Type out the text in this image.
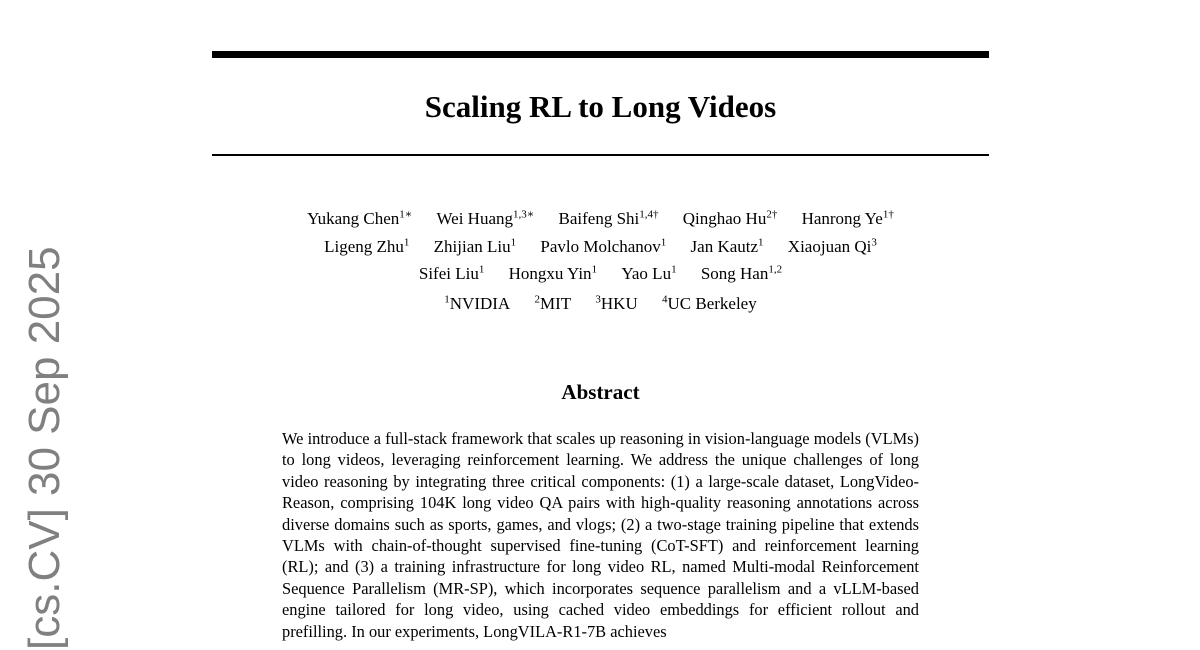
Scaling RL to Long Videos
Yukang Chen$^{1∗}$ Wei Huang$^{1,3∗}$ Baifeng Shi$^{1,4\dagger}$ Qinghao $Hu^{2\dagger}$ Hanrong $Ye^{1\dagger}$
Ligeng Zhu$^1$ Zhijian Liu$^1$ Pavlo Molchanov$^1$ Jan Kautz$^1$ Xiaojuan Qi$^3$
Sifei Liu$^1$ Hongxu Yin$^1$ Yao Lu$^1$ Song Han$^{1,2}$
$^1$NVIDIA $^2$MIT $^3$HKU $^4$UC Berkeley
Abstract

We introduce a full-stack framework that scales up reasoning in vision-language models (VLMs) to long videos, leveraging reinforcement learning. We address the unique challenges of long video reasoning by integrating three critical components: (1) a large-scale dataset, LongVideo-Reason, comprising 104K long video QA pairs with high-quality reasoning annotations across diverse domains such as sports, games, and vlogs; (2) a two-stage training pipeline that extends VLMs with chain-of-thought supervised fine-tuning (CoT-SFT) and reinforcement learning (RL); and (3) a training infrastructure for long video RL, named Multi-modal Reinforcement Sequence Parallelism (MR-SP), which incorporates sequence parallelism and a vLLM-based engine tailored for long video, using cached video embeddings for efficient rollout and prefilling. In our experiments, LongVILA-R1-7B achieves

[cs.CV] 30 Sep 2025
